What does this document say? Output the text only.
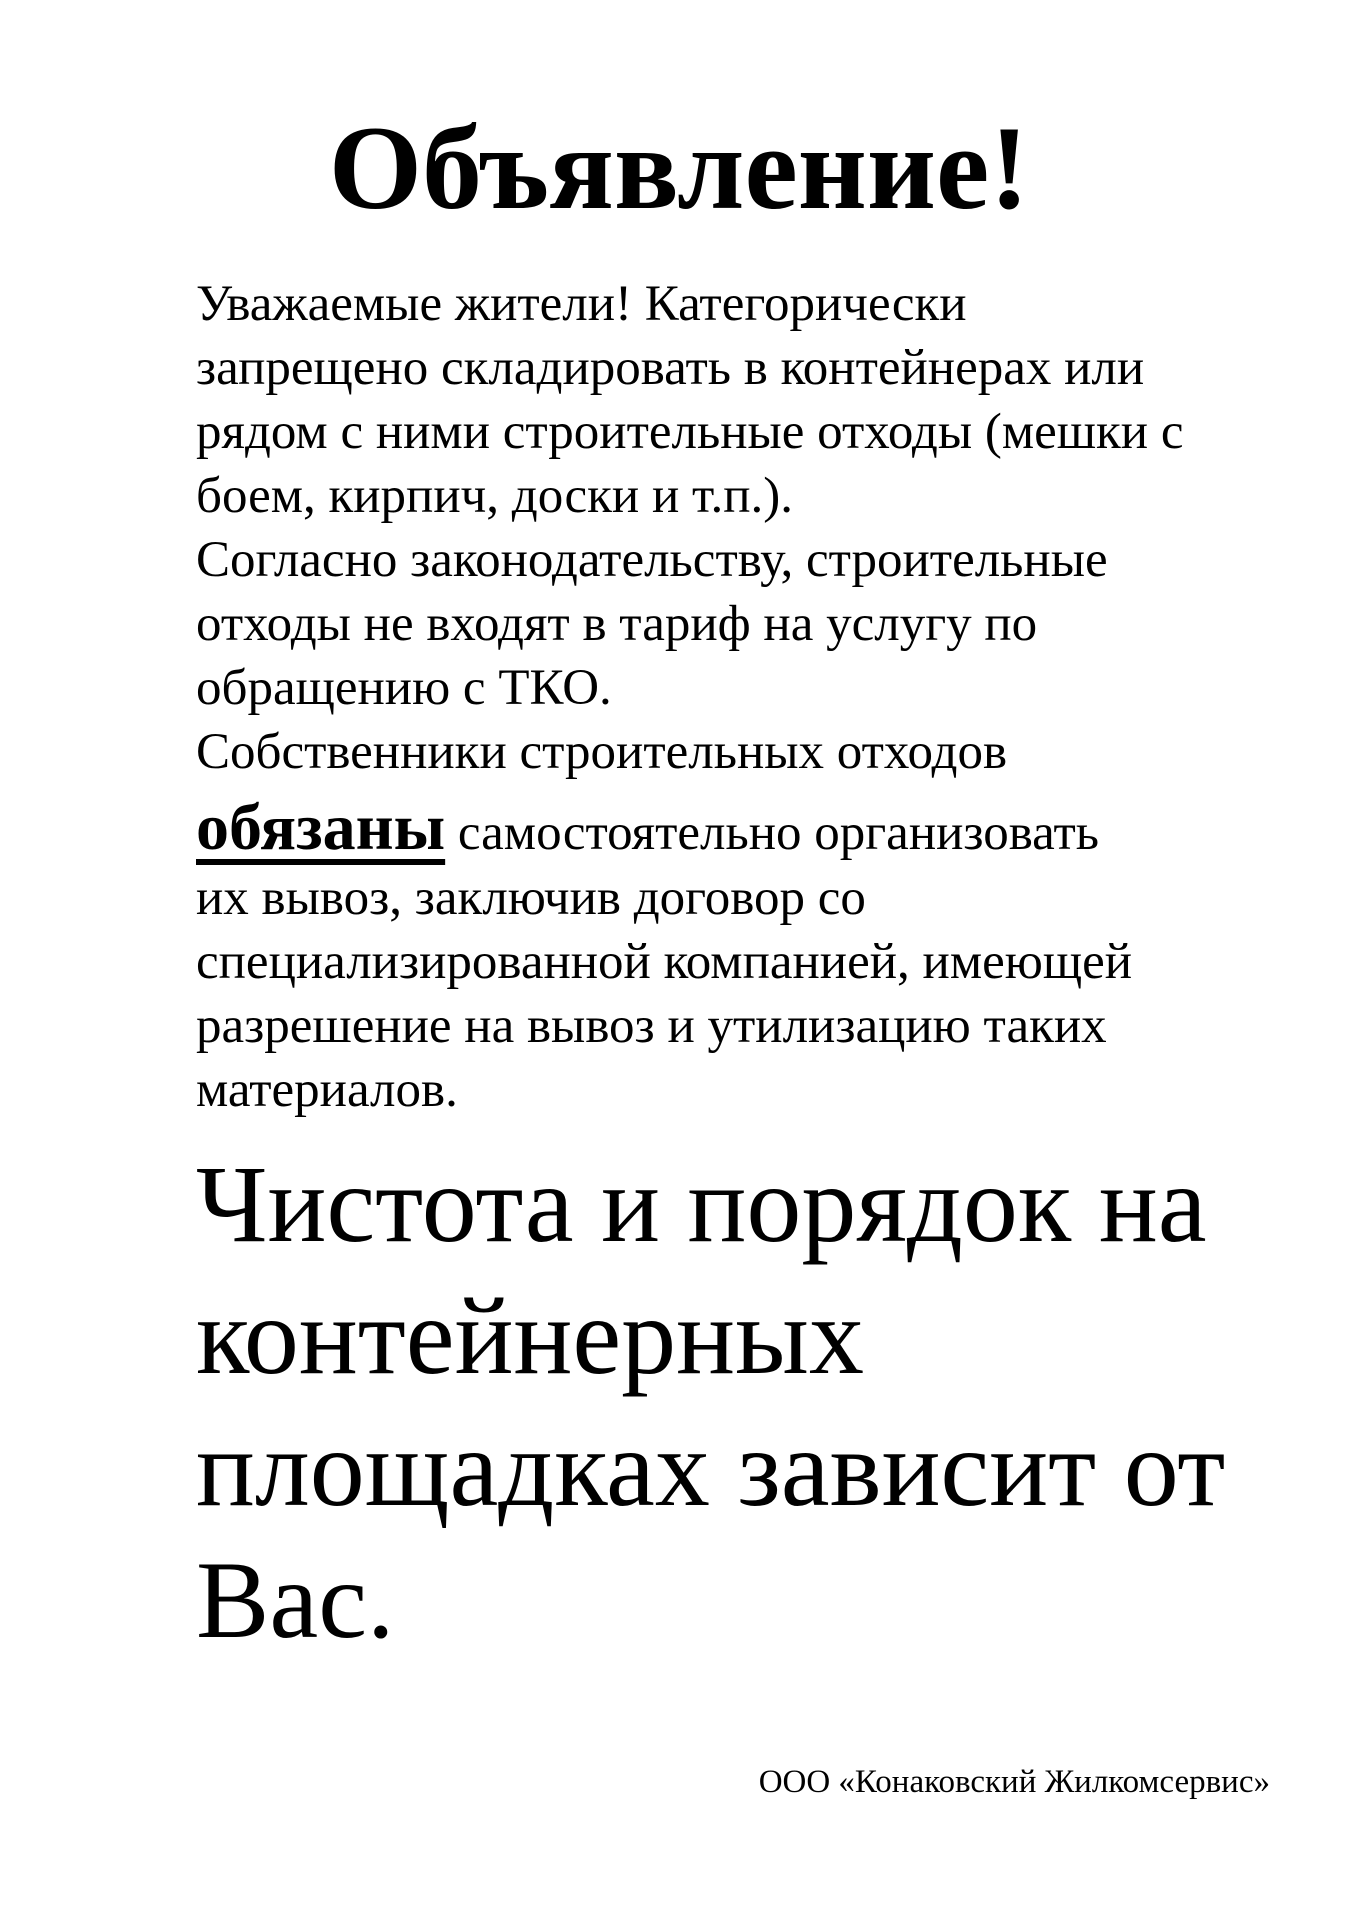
Объявление!
Уважаемые жители! Категорически
запрещено складировать в контейнерах или
рядом с ними строительные отходы (мешки с
боем, кирпич, доски и т.п.).
Согласно законодательству, строительные
отходы не входят в тариф на услугу по
обращению с ТКО.
Собственники строительных отходов
обязаны самостоятельно организовать
их вывоз, заключив договор со
специализированной компанией, имеющей
разрешение на вывоз и утилизацию таких
материалов.
Чистота и порядок на
контейнерных
площадках зависит от
Вас.
ООО «Конаковский Жилкомсервис»
